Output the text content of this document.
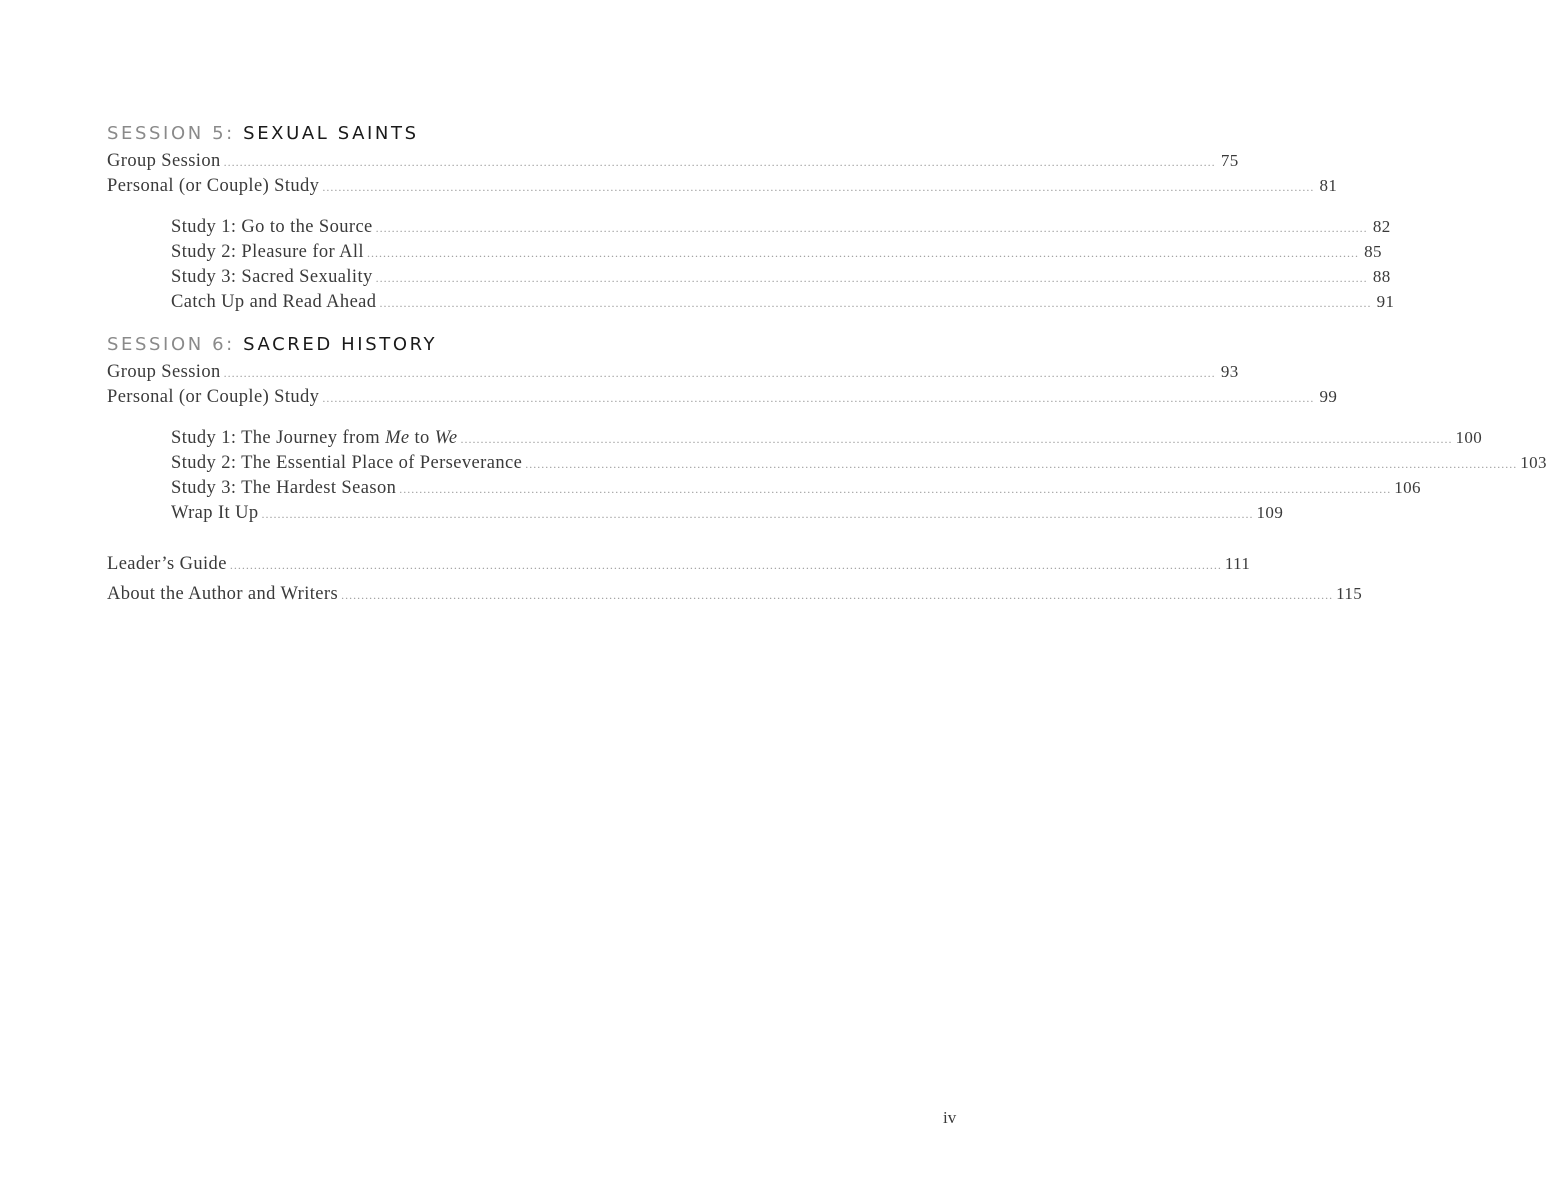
SESSION 5: SEXUAL SAINTS
Group Session .....	75
Personal (or Couple) Study .....	81
Study 1: Go to the Source .....	82
Study 2: Pleasure for All .....	85
Study 3: Sacred Sexuality .....	88
Catch Up and Read Ahead .....	91
SESSION 6: SACRED HISTORY
Group Session .....	93
Personal (or Couple) Study .....	99
Study 1: The Journey from Me to We .....	100
Study 2: The Essential Place of Perseverance .....	103
Study 3: The Hardest Season .....	106
Wrap It Up .....	109
Leader’s Guide .....	111
About the Author and Writers .....	115
iv
